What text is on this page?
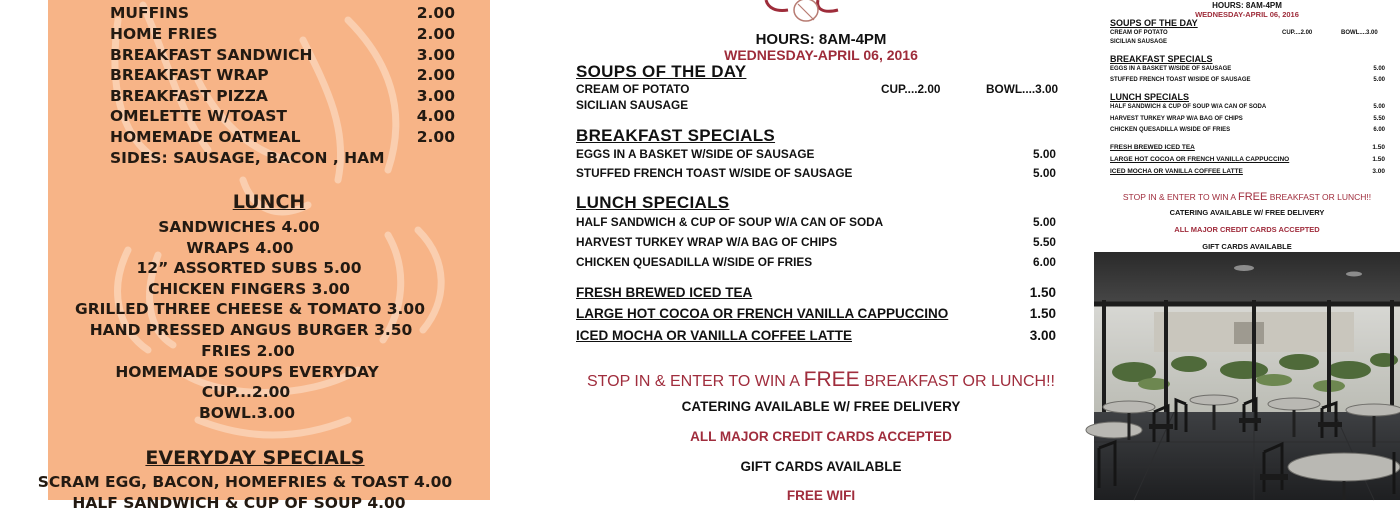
MUFFINS	2.00
HOME FRIES	2.00
BREAKFAST SANDWICH	3.00
BREAKFAST WRAP	2.00
BREAKFAST PIZZA	3.00
OMELETTE W/TOAST	4.00
HOMEMADE OATMEAL	2.00
SIDES: SAUSAGE, BACON , HAM
LUNCH
SANDWICHES 4.00
WRAPS 4.00
12” ASSORTED SUBS 5.00
CHICKEN FINGERS 3.00
GRILLED THREE CHEESE & TOMATO 3.00
HAND PRESSED ANGUS BURGER 3.50
FRIES 2.00
HOMEMADE SOUPS EVERYDAY
CUP...2.00
BOWL.3.00
EVERYDAY SPECIALS
SCRAM EGG, BACON, HOMEFRIES & TOAST 4.00
HALF SANDWICH & CUP OF SOUP 4.00
HOURS: 8AM-4PM
WEDNESDAY-APRIL 06, 2016
SOUPS OF THE DAY
CREAM OF POTATO	CUP....2.00	BOWL....3.00
SICILIAN SAUSAGE
BREAKFAST SPECIALS
EGGS IN A BASKET W/SIDE OF SAUSAGE	5.00
STUFFED FRENCH TOAST W/SIDE OF SAUSAGE	5.00
LUNCH SPECIALS
HALF SANDWICH & CUP OF SOUP W/A CAN OF SODA	5.00
HARVEST TURKEY WRAP W/A BAG OF CHIPS	5.50
CHICKEN QUESADILLA W/SIDE OF FRIES	6.00
FRESH BREWED ICED TEA	1.50
LARGE HOT COCOA OR FRENCH VANILLA CAPPUCCINO	1.50
ICED MOCHA OR VANILLA COFFEE LATTE	3.00
STOP IN & ENTER TO WIN A FREE BREAKFAST OR LUNCH!!
CATERING AVAILABLE W/ FREE DELIVERY
ALL MAJOR CREDIT CARDS ACCEPTED
GIFT CARDS AVAILABLE
FREE WIFI
HOURS: 8AM-4PM
WEDNESDAY-APRIL 06, 2016
SOUPS OF THE DAY
CREAM OF POTATO	CUP....2.00	BOWL....3.00
SICILIAN SAUSAGE
BREAKFAST SPECIALS
EGGS IN A BASKET W/SIDE OF SAUSAGE	5.00
STUFFED FRENCH TOAST W/SIDE OF SAUSAGE	5.00
LUNCH SPECIALS
HALF SANDWICH & CUP OF SOUP W/A CAN OF SODA	5.00
HARVEST TURKEY WRAP W/A BAG OF CHIPS	5.50
CHICKEN QUESADILLA W/SIDE OF FRIES	6.00
FRESH BREWED ICED TEA	1.50
LARGE HOT COCOA OR FRENCH VANILLA CAPPUCCINO	1.50
ICED MOCHA OR VANILLA COFFEE LATTE	3.00
STOP IN & ENTER TO WIN A FREE BREAKFAST OR LUNCH!!
CATERING AVAILABLE W/ FREE DELIVERY
ALL MAJOR CREDIT CARDS ACCEPTED
GIFT CARDS AVAILABLE
